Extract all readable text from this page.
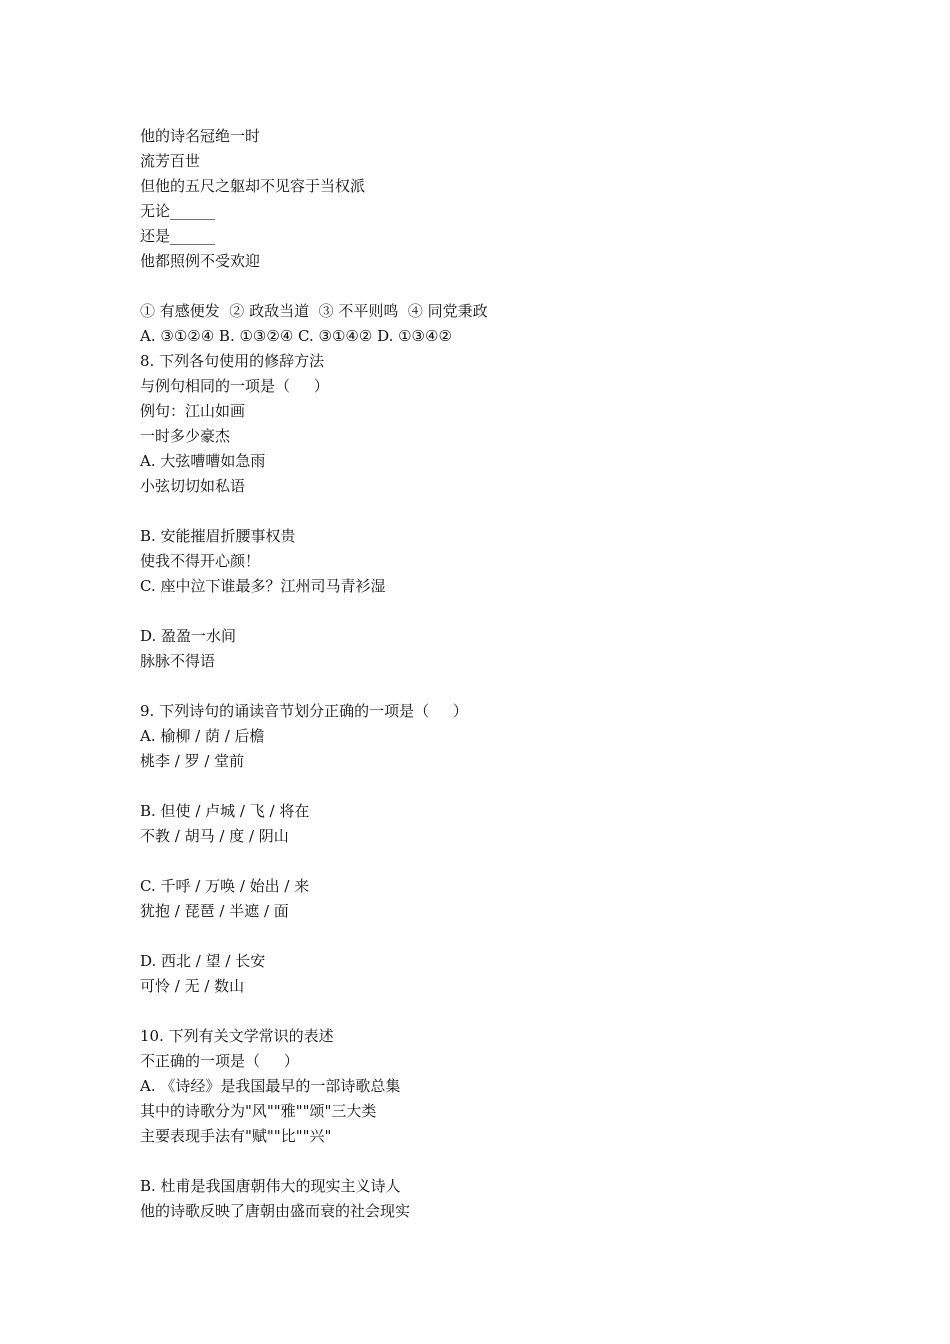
他的诗名冠绝一时
流芳百世
但他的五尺之躯却不见容于当权派
无论______
还是______
他都照例不受欢迎
① 有感便发  ② 政敌当道  ③ 不平则鸣  ④ 同党秉政
A. ③①②④ B. ①③②④ C. ③①④② D. ①③④②
8. 下列各句使用的修辞方法
与例句相同的一项是（     ）
例句：江山如画
一时多少豪杰
A. 大弦嘈嘈如急雨
小弦切切如私语
B. 安能摧眉折腰事权贵
使我不得开心颜！
C. 座中泣下谁最多？江州司马青衫湿
D. 盈盈一水间
脉脉不得语
9. 下列诗句的诵读音节划分正确的一项是（     ）
A. 榆柳 / 荫 / 后檐
桃李 / 罗 / 堂前
B. 但使 / 卢城 / 飞 / 将在
不教 / 胡马 / 度 / 阴山
C. 千呼 / 万唤 / 始出 / 来
犹抱 / 琵琶 / 半遮 / 面
D. 西北 / 望 / 长安
可怜 / 无 / 数山
10. 下列有关文学常识的表述
不正确的一项是（     ）
A. 《诗经》是我国最早的一部诗歌总集
其中的诗歌分为"风""雅""颂"三大类
主要表现手法有"赋""比""兴"
B. 杜甫是我国唐朝伟大的现实主义诗人
他的诗歌反映了唐朝由盛而衰的社会现实
